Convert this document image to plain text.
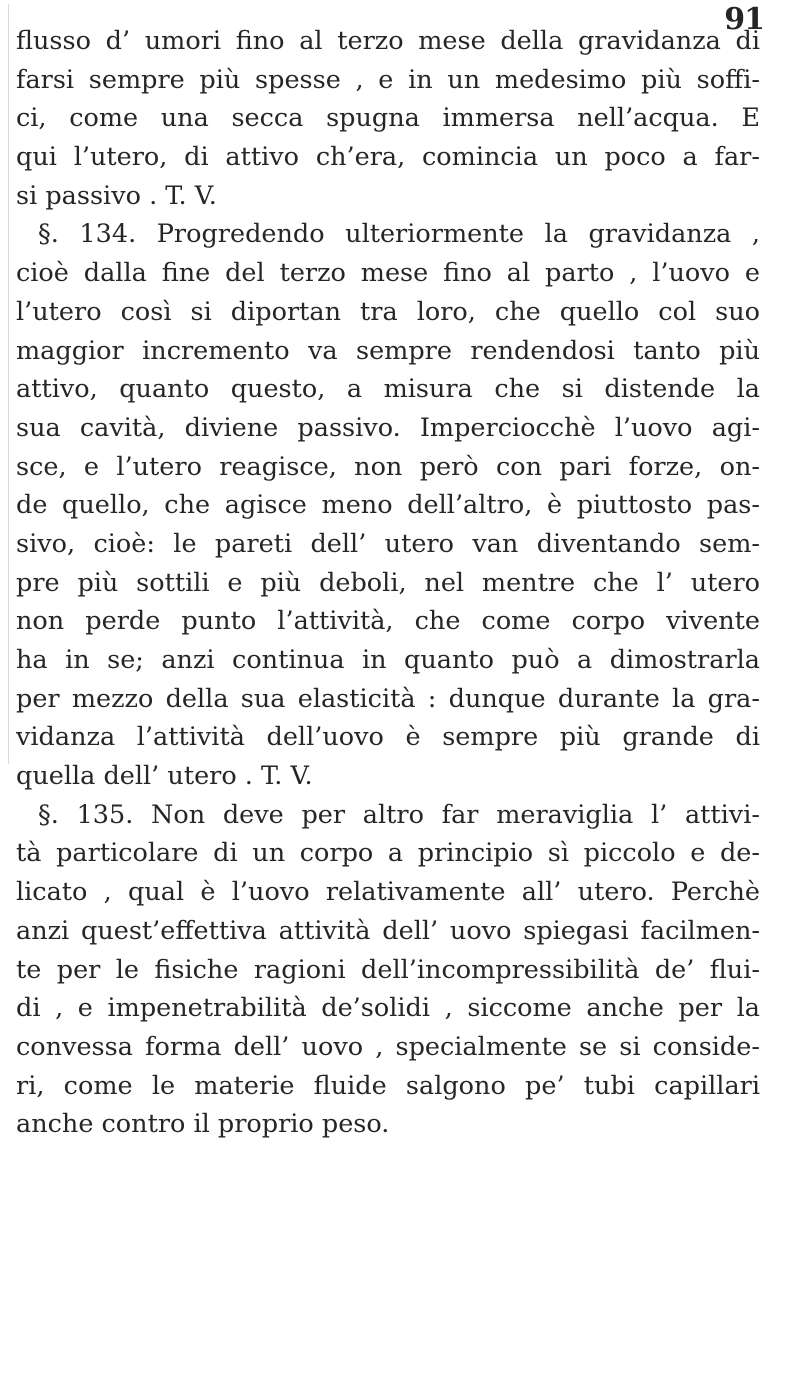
91
flusso d’ umori fino al terzo mese della gravidanza di
farsi sempre più spesse , e in un medesimo più soffi-
ci, come una secca spugna immersa nell’acqua. E
qui l’utero, di attivo ch’era, comincia un poco a far-
si passivo . T. V.
§. 134. Progredendo ulteriormente la gravidanza ,
cioè dalla fine del terzo mese fino al parto , l’uovo e
l’utero così si diportan tra loro, che quello col suo
maggior incremento va sempre rendendosi tanto più
attivo, quanto questo, a misura che si distende la
sua cavità, diviene passivo. Imperciocchè l’uovo agi-
sce, e l’utero reagisce, non però con pari forze, on-
de quello, che agisce meno dell’altro, è piuttosto pas-
sivo, cioè: le pareti dell’ utero van diventando sem-
pre più sottili e più deboli, nel mentre che l’ utero
non perde punto l’attività, che come corpo vivente
ha in se; anzi continua in quanto può a dimostrarla
per mezzo della sua elasticità : dunque durante la gra-
vidanza l’attività dell’uovo è sempre più grande di
quella dell’ utero . T. V.
§. 135. Non deve per altro far meraviglia l’ attivi-
tà particolare di un corpo a principio sì piccolo e de-
licato , qual è l’uovo relativamente all’ utero. Perchè
anzi quest’effettiva attività dell’ uovo spiegasi facilmen-
te per le fisiche ragioni dell’incompressibilità de’ flui-
di , e impenetrabilità de’solidi , siccome anche per la
convessa forma dell’ uovo , specialmente se si conside-
ri, come le materie fluide salgono pe’ tubi capillari
anche contro il proprio peso.
